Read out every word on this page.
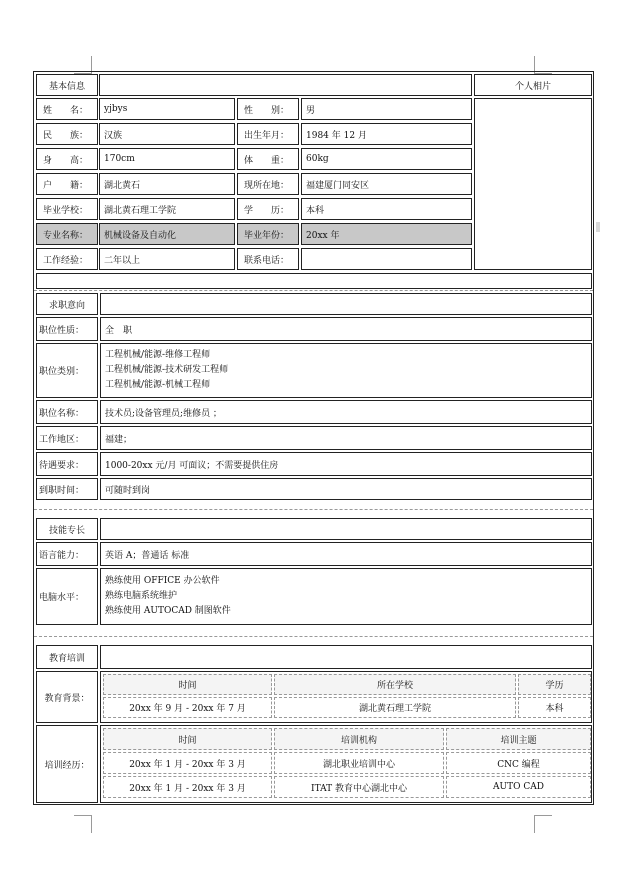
基本信息	个人相片
姓　　名：	yjbys	性　　别：	男
民　　族：	汉族	出生年月：	1984 年 12 月
身　　高：	170cm	体　　重：	60kg
户　　籍：	湖北黄石	现所在地：	福建厦门同安区
毕业学校：	湖北黄石理工学院	学　　历：	本科
专业名称：	机械设备及自动化	毕业年份：	20xx 年
工作经验：	二年以上	联系电话：
求职意向
职位性质：	全　职
职位类别：
工程机械/能源-维修工程师
工程机械/能源-技术研发工程师
工程机械/能源-机械工程师
职位名称：	技术员;设备管理员;维修员 ；
工作地区：	福建；
待遇要求：	1000-20xx 元/月 可面议；不需要提供住房
到职时间：	可随时到岗
技能专长
语言能力：	英语 A；普通话 标准
电脑水平：
熟练使用 OFFICE 办公软件
熟练电脑系统维护
熟练使用 AUTOCAD 制图软件
教育培训
教育背景：
时间	所在学校	学历
20xx 年 9 月 - 20xx 年 7 月	湖北黄石理工学院	本科
培训经历：
时间	培训机构	培训主题
20xx 年 1 月 - 20xx 年 3 月	湖北职业培训中心	CNC 编程
20xx 年 1 月 - 20xx 年 3 月	ITAT 教育中心湖北中心	AUTO CAD
